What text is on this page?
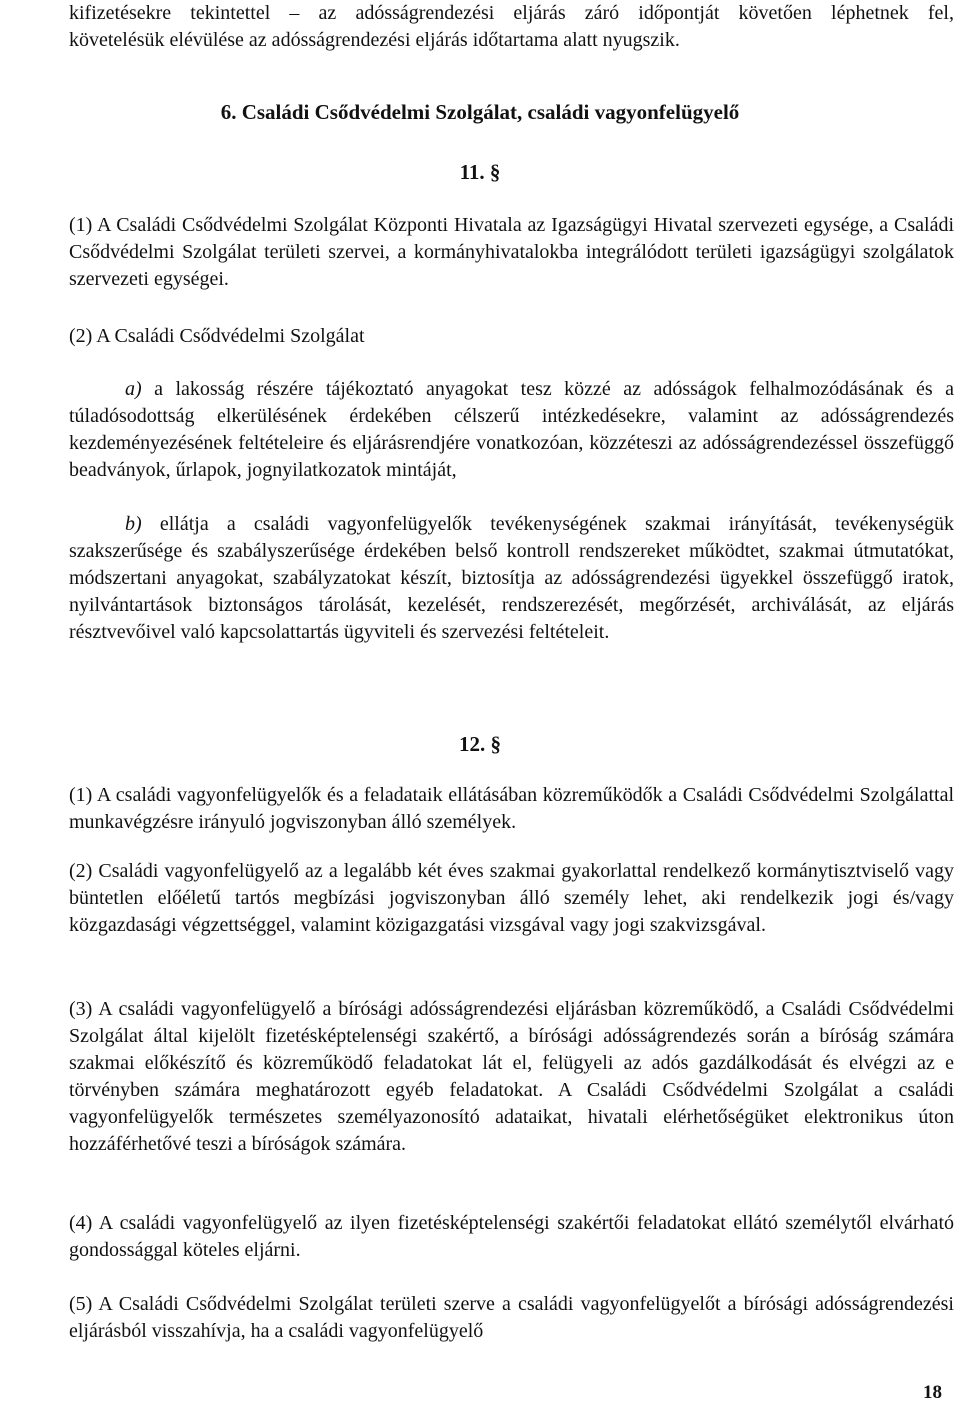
kifizetésekre tekintettel – az adósságrendezési eljárás záró időpontját követően léphetnek fel,
követelésük elévülése az adósságrendezési eljárás időtartama alatt nyugszik.
6. Családi Csődvédelmi Szolgálat, családi vagyonfelügyelő
11. §
(1) A Családi Csődvédelmi Szolgálat Központi Hivatala az Igazságügyi Hivatal szervezeti egysége, a Családi Csődvédelmi Szolgálat területi szervei, a kormányhivatalokba integrálódott területi igazságügyi szolgálatok szervezeti egységei.
(2) A Családi Csődvédelmi Szolgálat
a) a lakosság részére tájékoztató anyagokat tesz közzé az adósságok felhalmozódásának és a túladósodottság elkerülésének érdekében célszerű intézkedésekre, valamint az adósságrendezés kezdeményezésének feltételeire és eljárásrendjére vonatkozóan, közzéteszi az adósságrendezéssel összefüggő beadványok, űrlapok, jognyilatkozatok mintáját,
b) ellátja a családi vagyonfelügyelők tevékenységének szakmai irányítását, tevékenységük szakszerűsége és szabályszerűsége érdekében belső kontroll rendszereket működtet, szakmai útmutatókat, módszertani anyagokat, szabályzatokat készít, biztosítja az adósságrendezési ügyekkel összefüggő iratok, nyilvántartások biztonságos tárolását, kezelését, rendszerezését, megőrzését, archiválását, az eljárás résztvevőivel való kapcsolattartás ügyviteli és szervezési feltételeit.
12. §
(1) A családi vagyonfelügyelők és a feladataik ellátásában közreműködők a Családi Csődvédelmi Szolgálattal munkavégzésre irányuló jogviszonyban álló személyek.
(2) Családi vagyonfelügyelő az a legalább két éves szakmai gyakorlattal rendelkező kormánytisztviselő vagy büntetlen előéletű tartós megbízási jogviszonyban álló személy lehet, aki rendelkezik jogi és/vagy közgazdasági végzettséggel, valamint közigazgatási vizsgával vagy jogi szakvizsgával.
(3) A családi vagyonfelügyelő a bírósági adósságrendezési eljárásban közreműködő, a Családi Csődvédelmi Szolgálat által kijelölt fizetésképtelenségi szakértő, a bírósági adósságrendezés során a bíróság számára szakmai előkészítő és közreműködő feladatokat lát el, felügyeli az adós gazdálkodását és elvégzi az e törvényben számára meghatározott egyéb feladatokat. A Családi Csődvédelmi Szolgálat a családi vagyonfelügyelők természetes személyazonosító adataikat, hivatali elérhetőségüket elektronikus úton hozzáférhetővé teszi a bíróságok számára.
(4) A családi vagyonfelügyelő az ilyen fizetésképtelenségi szakértői feladatokat ellátó személytől elvárható gondossággal köteles eljárni.
(5) A Családi Csődvédelmi Szolgálat területi szerve a családi vagyonfelügyelőt a bírósági adósságrendezési eljárásból visszahívja, ha a családi vagyonfelügyelő
18
